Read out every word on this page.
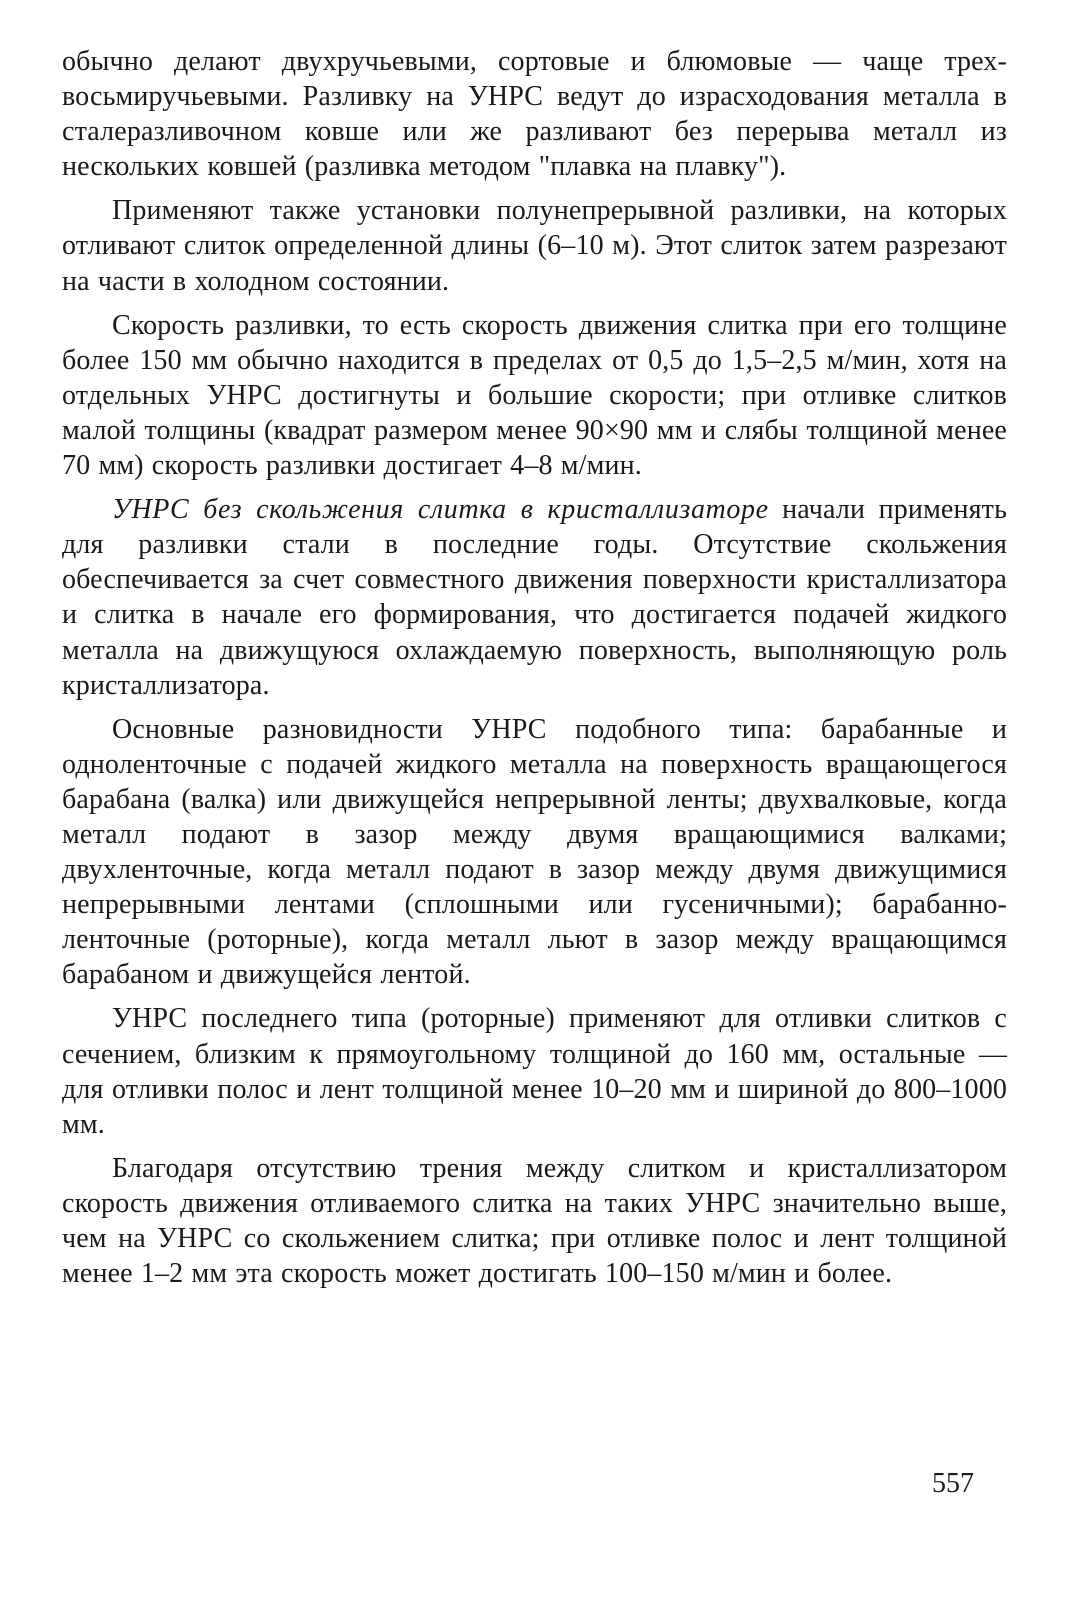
обычно делают двухручьевыми, сортовые и блюмовые — чаще трех-восьмиручьевыми. Разливку на УНРС ведут до израсходования металла в сталеразливочном ковше или же разливают без перерыва металл из нескольких ковшей (разливка методом "плавка на плавку").

Применяют также установки полунепрерывной разливки, на которых отливают слиток определенной длины (6–10 м). Этот слиток затем разрезают на части в холодном состоянии.

Скорость разливки, то есть скорость движения слитка при его толщине более 150 мм обычно находится в пределах от 0,5 до 1,5–2,5 м/мин, хотя на отдельных УНРС достигнуты и большие скорости; при отливке слитков малой толщины (квадрат размером менее 90×90 мм и слябы толщиной менее 70 мм) скорость разливки достигает 4–8 м/мин.

УНРС без скольжения слитка в кристаллизаторе начали применять для разливки стали в последние годы. Отсутствие скольжения обеспечивается за счет совместного движения поверхности кристаллизатора и слитка в начале его формирования, что достигается подачей жидкого металла на движущуюся охлаждаемую поверхность, выполняющую роль кристаллизатора.

Основные разновидности УНРС подобного типа: барабанные и одноленточные с подачей жидкого металла на поверхность вращающегося барабана (валка) или движущейся непрерывной ленты; двухвалковые, когда металл подают в зазор между двумя вращающимися валками; двухленточные, когда металл подают в зазор между двумя движущимися непрерывными лентами (сплошными или гусеничными); барабанно-ленточные (роторные), когда металл льют в зазор между вращающимся барабаном и движущейся лентой.

УНРС последнего типа (роторные) применяют для отливки слитков с сечением, близким к прямоугольному толщиной до 160 мм, остальные — для отливки полос и лент толщиной менее 10–20 мм и шириной до 800–1000 мм.

Благодаря отсутствию трения между слитком и кристаллизатором скорость движения отливаемого слитка на таких УНРС значительно выше, чем на УНРС со скольжением слитка; при отливке полос и лент толщиной менее 1–2 мм эта скорость может достигать 100–150 м/мин и более.

557
